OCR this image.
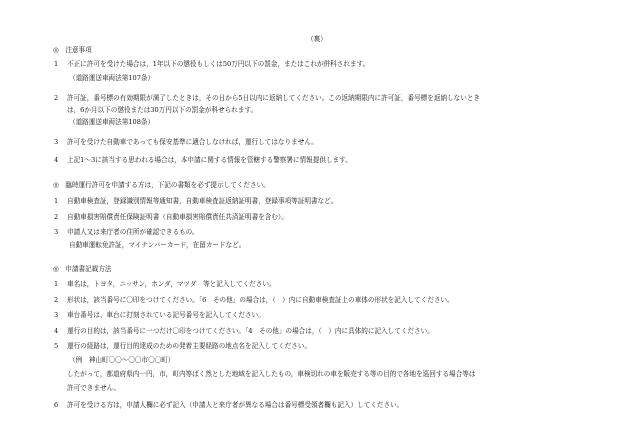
（裏）
◎　注意事項
1 不正に許可を受けた場合は，1年以下の懲役もしくは50万円以下の罰金，またはこれが併科されます。
（道路運送車両法第107条）
2 許可証，番号標の有効期限が満了したときは，その日から5日以内に返納してください。この返納期限内に許可証，番号標を返納しないとき
は，6か月以下の懲役または30万円以下の罰金が科せられます。
（道路運送車両法第108条）
3 許可を受けた自動車であっても保安基準に適合しなければ，運行してはなりません。
4 上記1～3に該当する思われる場合は，本申請に関する情報を管轄する警察署に情報提供します。
◎　臨時運行許可を申請する方は，下記の書類を必ず提示してください。
1 自動車検査証，登録識別情報等通知書，自動車検査証返納証明書，登録事項等証明書など。
2 自動車損害賠償責任保険証明書（自動車損害賠償責任共済証明書を含む）。
3 申請人又は来庁者の住所が確認できるもの。
自動車運転免許証，マイナンバーカード，在留カードなど。
◎　申請書記載方法
1 車名は，トヨタ，ニッサン，ホンダ，マツダ　等と記入してください。
2 形状は，該当番号に〇印をつけてください。「6　その他」の場合は，（　）内に自動車検査証上の車体の形状を記入してください。
3 車台番号は，車台に打刻されている記号番号を記入してください。
4 運行の目的は，該当番号に一つだけ〇印をつけてください。「4　その他」の場合は，（　）内に具体的に記入してください。
5 運行の経路は，運行目的達成のための発着主要経路の地点名を記入してください。
（例　神山町〇〇～〇〇市〇〇町）
したがって，都道府県内一円，市，町内等ばく然とした地域を記入したもの，車検切れの車を販売する等の目的で各地を巡回する場合等は
許可できません。
6 許可を受ける方は，申請人欄に必ず記入（申請人と来庁者が異なる場合は番号標受領者欄も記入）してください。
